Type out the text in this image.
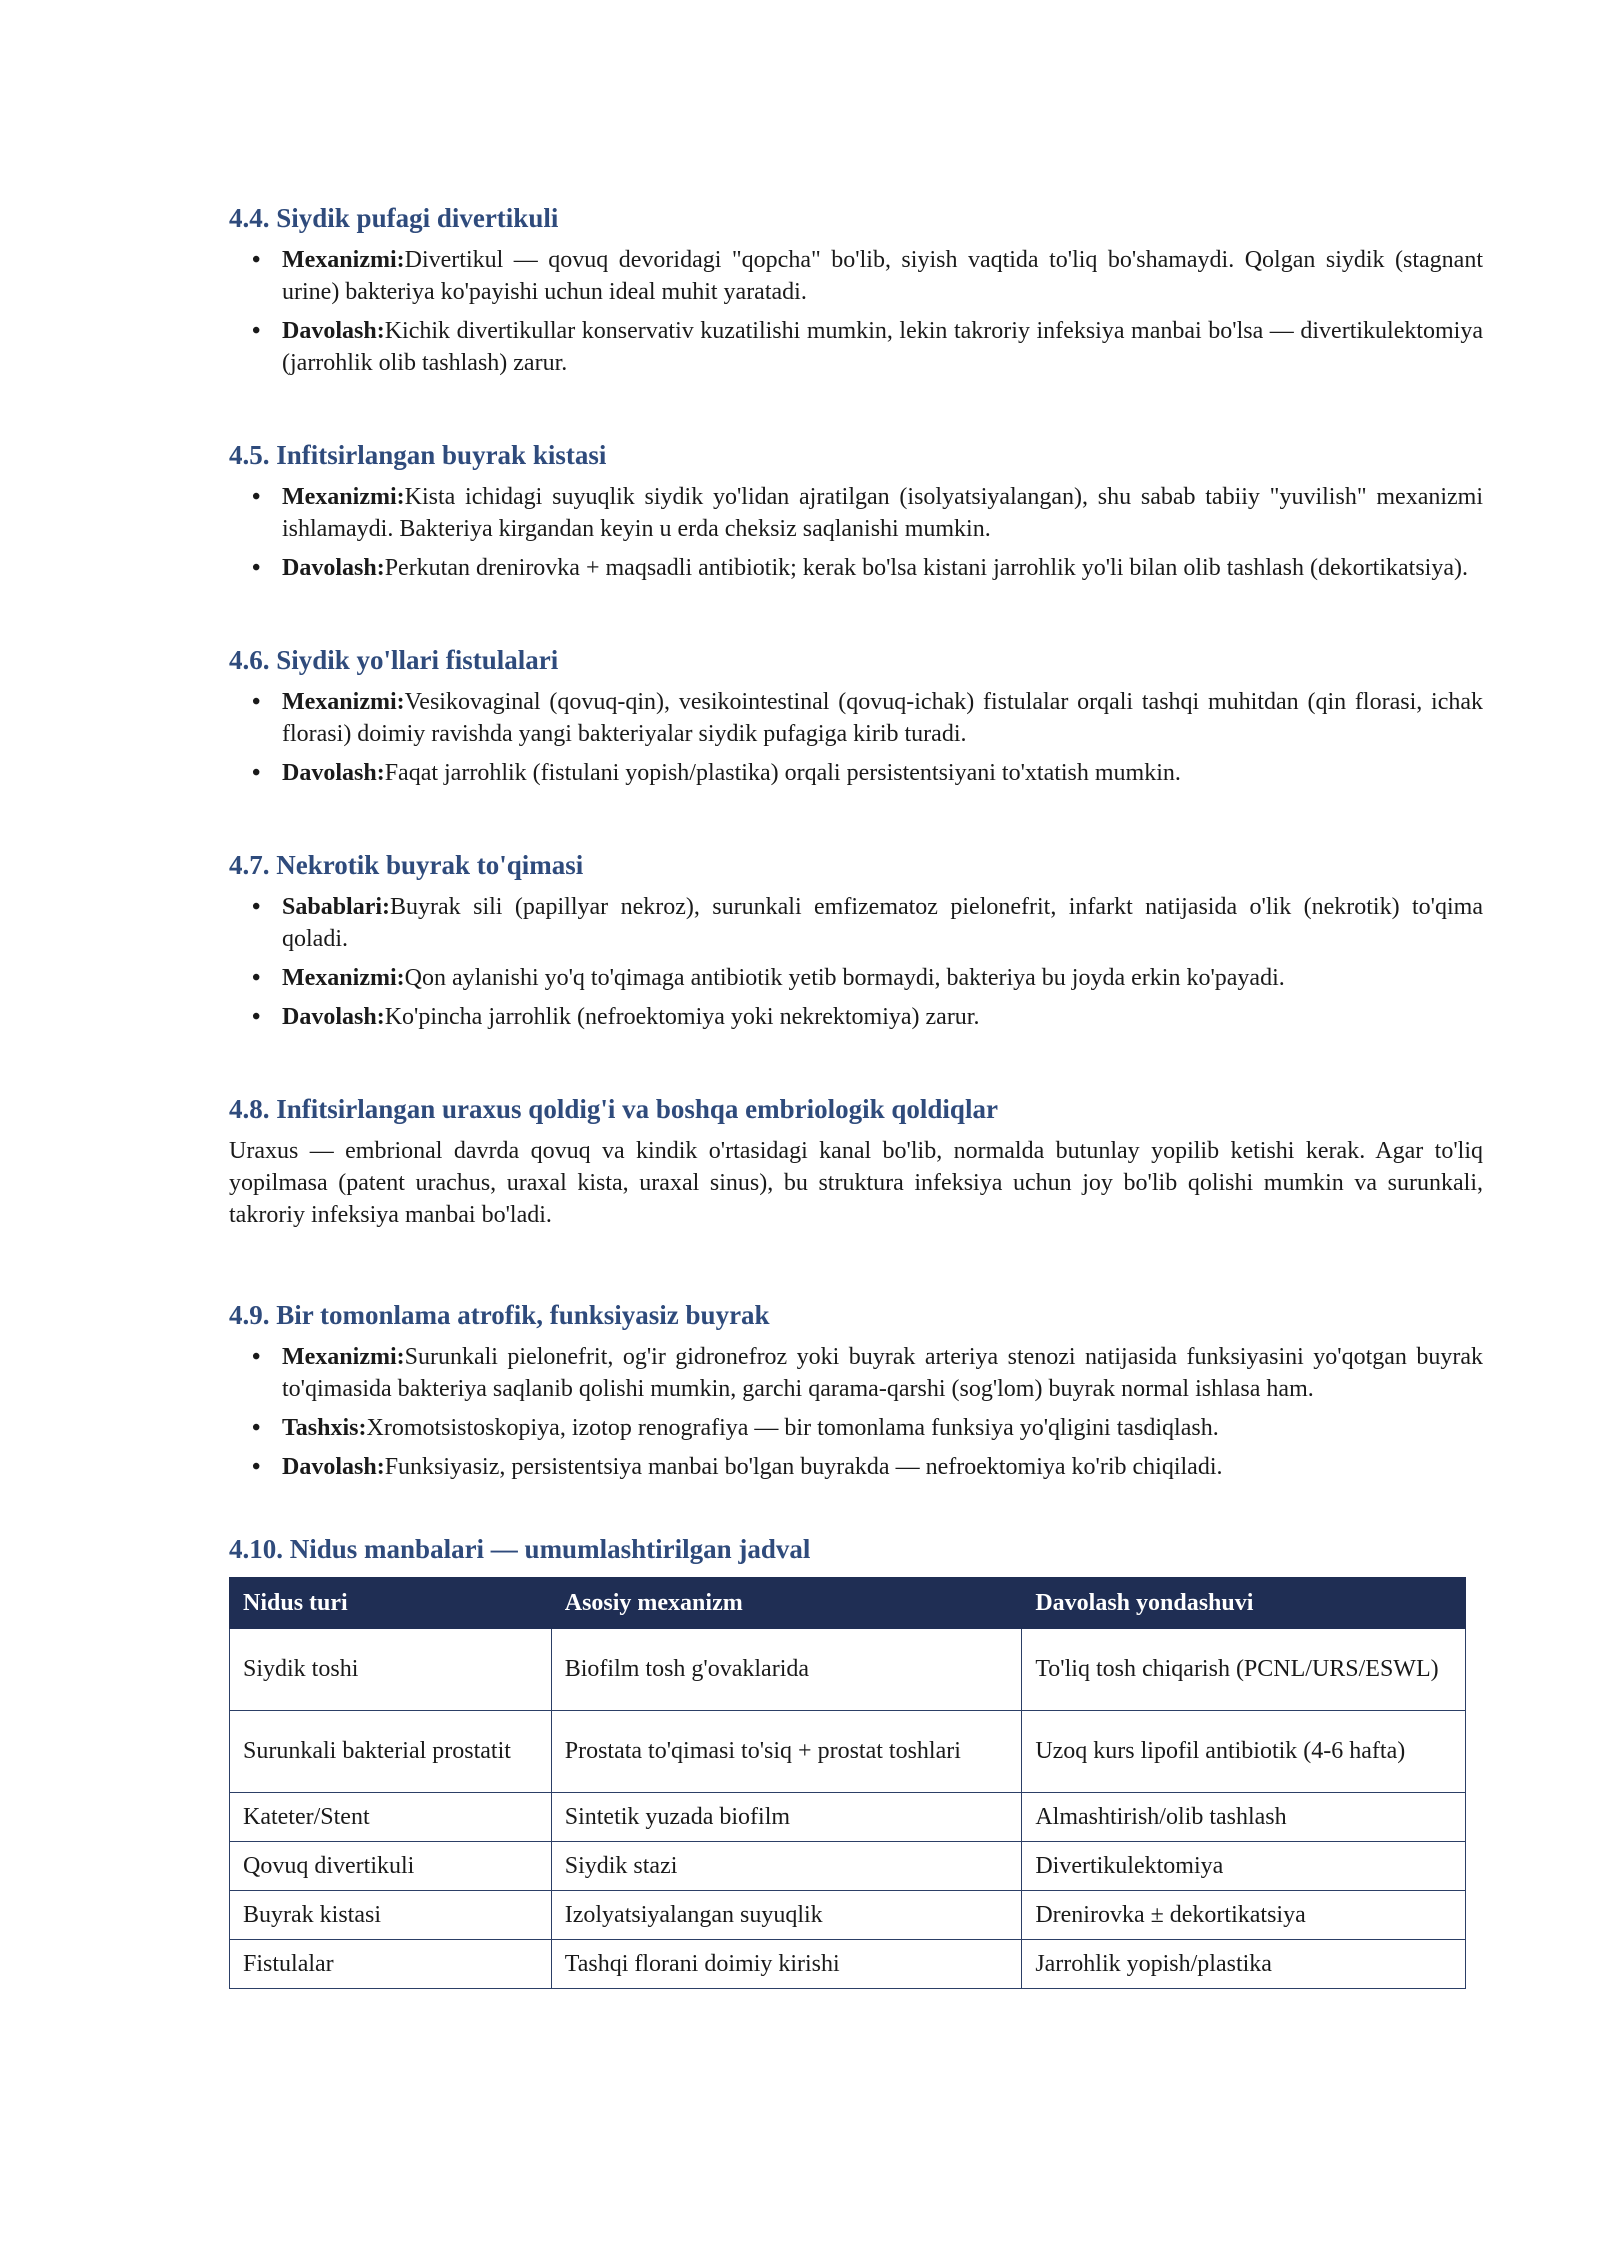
4.4. Siydik pufagi divertikuli
• Mexanizmi:Divertikul — qovuq devoridagi "qopcha" bo'lib, siyish vaqtida to'liq bo'shamaydi. Qolgan siydik (stagnant urine) bakteriya ko'payishi uchun ideal muhit yaratadi.
• Davolash:Kichik divertikullar konservativ kuzatilishi mumkin, lekin takroriy infeksiya manbai bo'lsa — divertikulektomiya (jarrohlik olib tashlash) zarur.
4.5. Infitsirlangan buyrak kistasi
• Mexanizmi:Kista ichidagi suyuqlik siydik yo'lidan ajratilgan (isolyatsiyalangan), shu sabab tabiiy "yuvilish" mexanizmi ishlamaydi. Bakteriya kirgandan keyin u erda cheksiz saqlanishi mumkin.
• Davolash:Perkutan drenirovka + maqsadli antibiotik; kerak bo'lsa kistani jarrohlik yo'li bilan olib tashlash (dekortikatsiya).
4.6. Siydik yo'llari fistulalari
• Mexanizmi:Vesikovaginal (qovuq-qin), vesikointestinal (qovuq-ichak) fistulalar orqali tashqi muhitdan (qin florasi, ichak florasi) doimiy ravishda yangi bakteriyalar siydik pufagiga kirib turadi.
• Davolash:Faqat jarrohlik (fistulani yopish/plastika) orqali persistentsiyani to'xtatish mumkin.
4.7. Nekrotik buyrak to'qimasi
• Sabablari:Buyrak sili (papillyar nekroz), surunkali emfizematoz pielonefrit, infarkt natijasida o'lik (nekrotik) to'qima qoladi.
• Mexanizmi:Qon aylanishi yo'q to'qimaga antibiotik yetib bormaydi, bakteriya bu joyda erkin ko'payadi.
• Davolash:Ko'pincha jarrohlik (nefroektomiya yoki nekrektomiya) zarur.
4.8. Infitsirlangan uraxus qoldig'i va boshqa embriologik qoldiqlar

Uraxus — embrional davrda qovuq va kindik o'rtasidagi kanal bo'lib, normalda butunlay yopilib ketishi kerak. Agar to'liq yopilmasa (patent urachus, uraxal kista, uraxal sinus), bu struktura infeksiya uchun joy bo'lib qolishi mumkin va surunkali, takroriy infeksiya manbai bo'ladi.

4.9. Bir tomonlama atrofik, funksiyasiz buyrak
• Mexanizmi:Surunkali pielonefrit, og'ir gidronefroz yoki buyrak arteriya stenozi natijasida funksiyasini yo'qotgan buyrak to'qimasida bakteriya saqlanib qolishi mumkin, garchi qarama-qarshi (sog'lom) buyrak normal ishlasa ham.
• Tashxis:Xromotsistoskopiya, izotop renografiya — bir tomonlama funksiya yo'qligini tasdiqlash.
• Davolash:Funksiyasiz, persistentsiya manbai bo'lgan buyrakda — nefroektomiya ko'rib chiqiladi.
4.10. Nidus manbalari — umumlashtirilgan jadval
Nidus turi	Asosiy mexanizm	Davolash yondashuvi
Siydik toshi	Biofilm tosh g'ovaklarida	To'liq tosh chiqarish (PCNL/URS/ESWL)
Surunkali bakterial prostatit	Prostata to'qimasi to'siq + prostat toshlari	Uzoq kurs lipofil antibiotik (4-6 hafta)
Kateter/Stent	Sintetik yuzada biofilm	Almashtirish/olib tashlash
Qovuq divertikuli	Siydik stazi	Divertikulektomiya
Buyrak kistasi	Izolyatsiyalangan suyuqlik	Drenirovka ± dekortikatsiya
Fistulalar	Tashqi florani doimiy kirishi	Jarrohlik yopish/plastika
